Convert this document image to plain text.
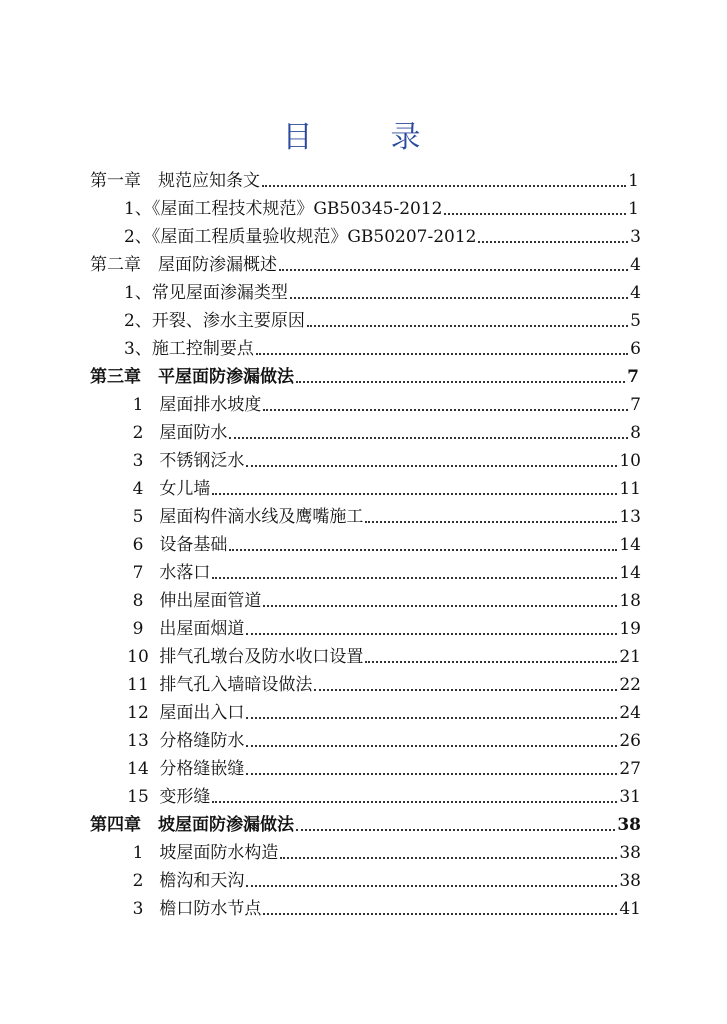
目　录
第一章　规范应知条文	1
1、《屋面工程技术规范》GB50345-2012	1
2、《屋面工程质量验收规范》GB50207-2012	3
第二章　屋面防渗漏概述	4
1、常见屋面渗漏类型	4
2、开裂、渗水主要原因	5
3、施工控制要点	6
第三章　平屋面防渗漏做法	7
1 屋面排水坡度	7
2 屋面防水	8
3 不锈钢泛水	10
4 女儿墙	11
5 屋面构件滴水线及鹰嘴施工	13
6 设备基础	14
7 水落口	14
8 伸出屋面管道	18
9 出屋面烟道	19
10 排气孔墩台及防水收口设置	21
11 排气孔入墙暗设做法	22
12 屋面出入口	24
13 分格缝防水	26
14 分格缝嵌缝	27
15 变形缝	31
第四章　坡屋面防渗漏做法	38
1 坡屋面防水构造	38
2 檐沟和天沟	38
3 檐口防水节点	41
